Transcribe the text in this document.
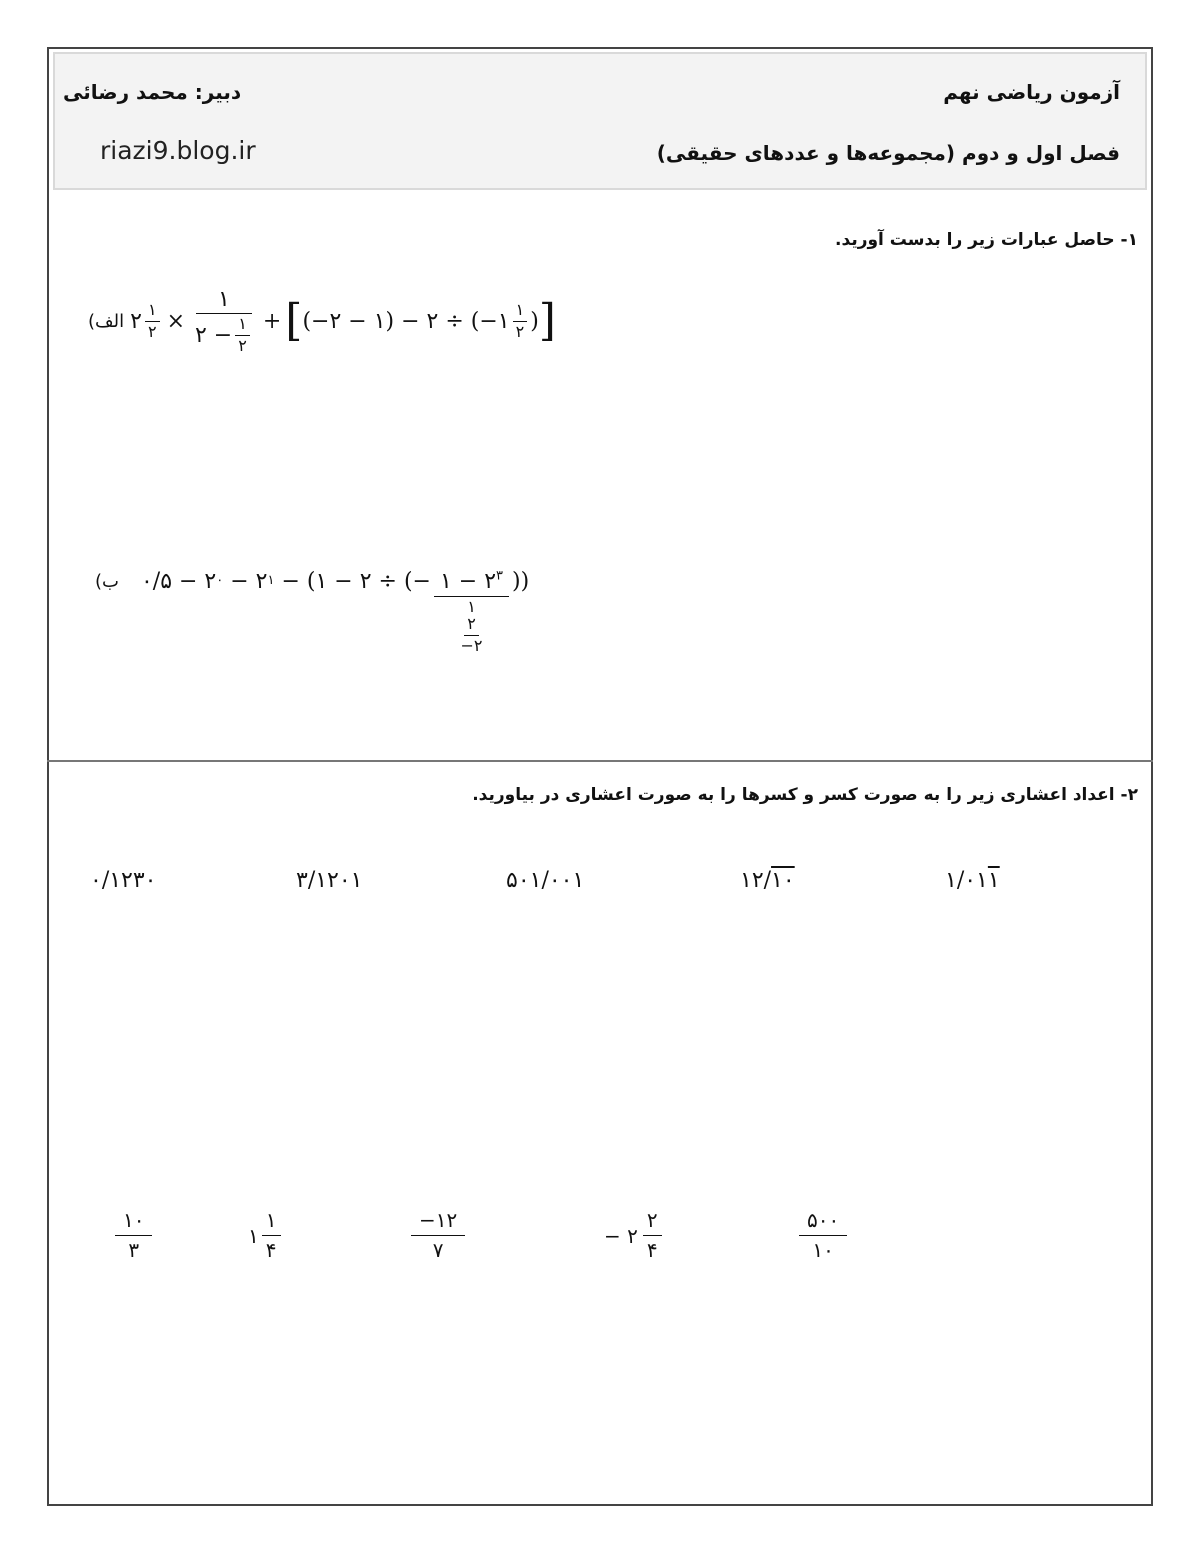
آزمون ریاضی نهم
فصل اول و دوم (مجموعه‌ها و عددهای حقیقی)
دبیر: محمد رضائی
riazi9.blog.ir
۱- حاصل عبارات زیر را بدست آورید.
الف) ۲ $\frac{۱}{۲} \times \frac{۱}{۲ - \frac{۱}{۲}}$ + [ (−۲ − ۱) − ۲ ÷ (−۱ $\frac{۱}{۲}$ ) ]
ب) ۰/۵ − ۲ ۰ − ۲ ۱ − (۱ − ۲ ÷ (− ۱ − $۲^۳$
۱
۲
−۲ ))
۲- اعداد اعشاری زیر را به صورت کسر و کسرها را به صورت اعشاری در بیاورید.
۰/۱۲۳۰	۳/۱۲۰۱	۵۰۱/۰۰۱	۱۲/۱۰	۱/۰۱۱
$\frac{۱۰}{۳}$	۱ $\frac{۱}{۴}$	$\frac{-۱۲}{۷}$	− ۲ $\frac{۲}{۴}$	$\frac{۵۰۰}{۱۰}$
